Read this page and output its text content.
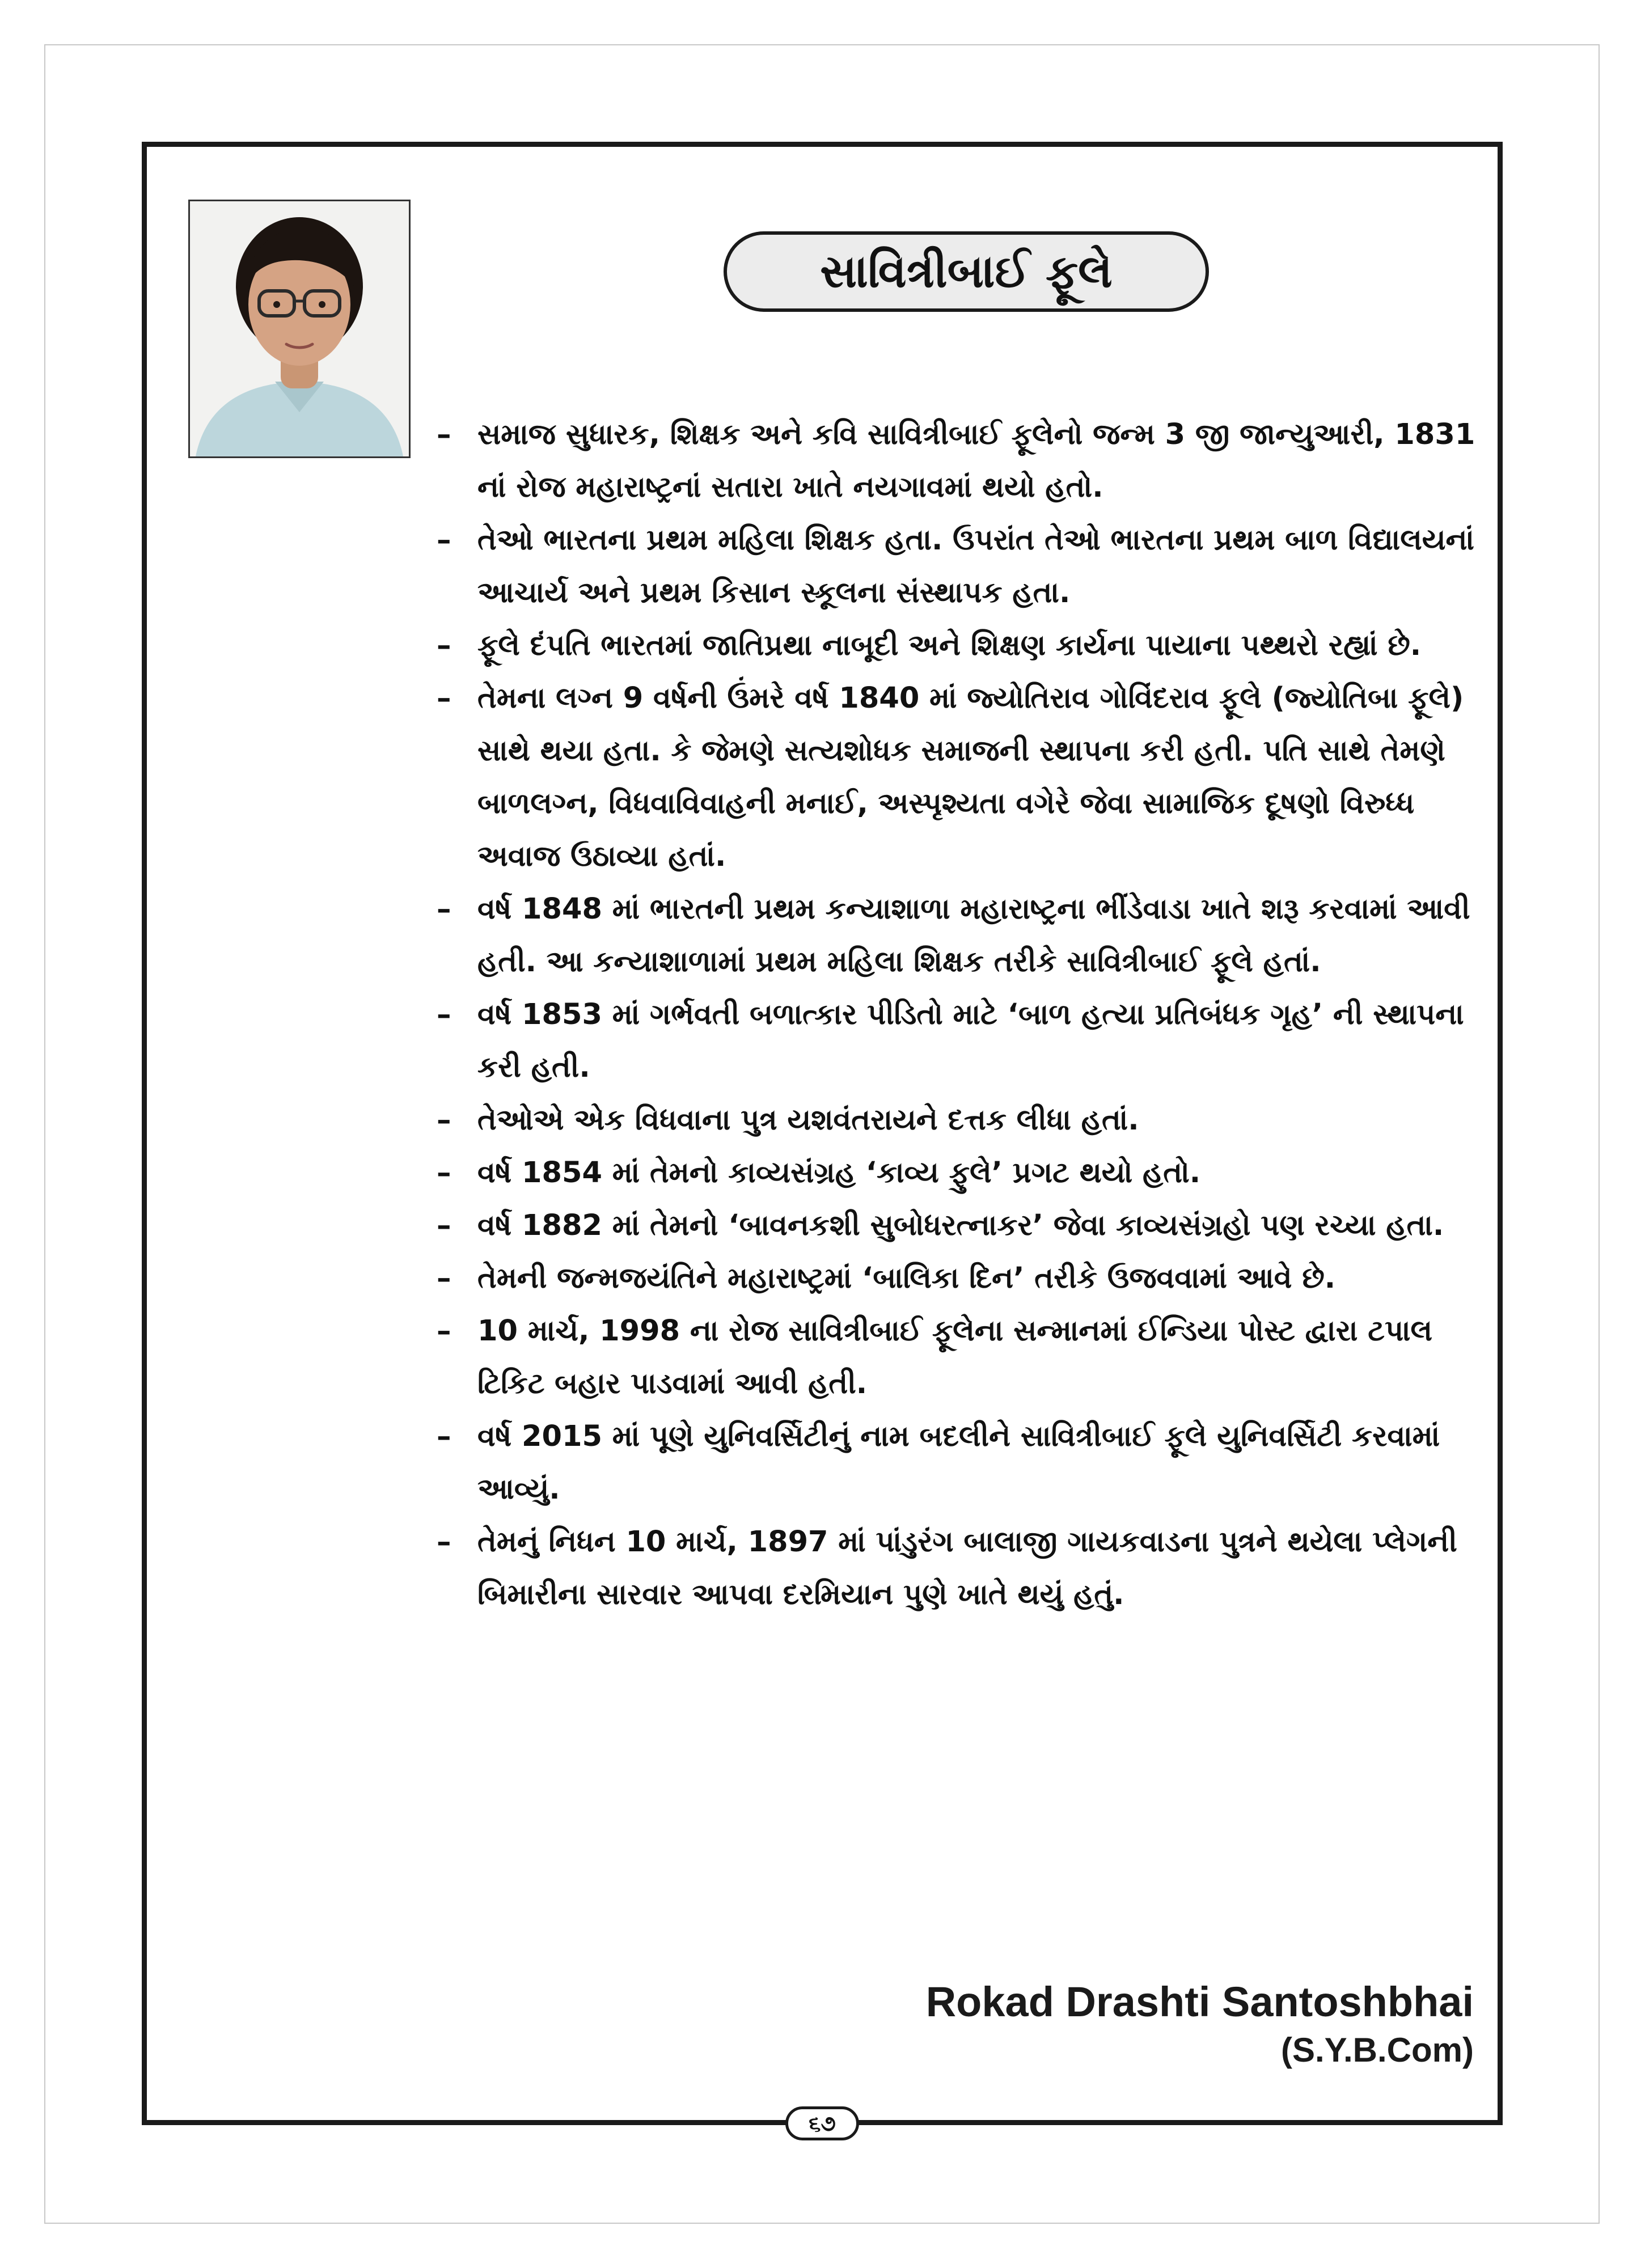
સાવિત્રીબાઈ ફૂલે
– સમાજ સુધારક, શિક્ષક અને કવિ સાવિત્રીબાઈ ફૂલેનો જન્મ 3 જી જાન્યુઆરી, 1831 નાં રોજ મહારાષ્ટ્રનાં સતારા ખાતે નયગાવમાં થયો હતો.
– તેઓ ભારતના પ્રથમ મહિલા શિક્ષક હતા. ઉપરાંત તેઓ ભારતના પ્રથમ બાળ વિદ્યાલયનાં આચાર્ય અને પ્રથમ કિસાન સ્કૂલના સંસ્થાપક હતા.
– ફૂલે દંપતિ ભારતમાં જાતિપ્રથા નાબૂદી અને શિક્ષણ કાર્યના પાયાના પથ્થરો રહ્યાં છે.
– તેમના લગ્ન 9 વર્ષની ઉંમરે વર્ષ 1840 માં જ્યોતિરાવ ગોવિંદરાવ ફૂલે (જ્યોતિબા ફૂલે) સાથે થયા હતા. કે જેમણે સત્યશોધક સમાજની સ્થાપના કરી હતી. પતિ સાથે તેમણે બાળલગ્ન, વિધવાવિવાહની મનાઈ, અસ્પૃશ્યતા વગેરે જેવા સામાજિક દૂષણો વિરુધ્ધ અવાજ ઉઠાવ્યા હતાં.
– વર્ષ 1848 માં ભારતની પ્રથમ કન્યાશાળા મહારાષ્ટ્રના ભીંડેવાડા ખાતે શરૂ કરવામાં આવી હતી. આ કન્યાશાળામાં પ્રથમ મહિલા શિક્ષક તરીકે સાવિત્રીબાઈ ફૂલે હતાં.
– વર્ષ 1853 માં ગર્ભવતી બળાત્કાર પીડિતો માટે ‘બાળ હત્યા પ્રતિબંધક ગૃહ’ ની સ્થાપના કરી હતી.
– તેઓએ એક વિધવાના પુત્ર યશવંતરાયને દત્તક લીધા હતાં.
– વર્ષ 1854 માં તેમનો કાવ્યસંગ્રહ ‘કાવ્ય ફુલે’ પ્રગટ થયો હતો.
– વર્ષ 1882 માં તેમનો ‘બાવનકશી સુબોધરત્નાકર’ જેવા કાવ્યસંગ્રહો પણ રચ્યા હતા.
– તેમની જન્મજયંતિને મહારાષ્ટ્રમાં ‘બાલિકા દિન’ તરીકે ઉજવવામાં આવે છે.
– 10 માર્ચ, 1998 ના રોજ સાવિત્રીબાઈ ફૂલેના સન્માનમાં ઈન્ડિયા પોસ્ટ દ્વારા ટપાલ ટિકિટ બહાર પાડવામાં આવી હતી.
– વર્ષ 2015 માં પૂણે યુનિવર્સિટીનું નામ બદલીને સાવિત્રીબાઈ ફૂલે યુનિવર્સિટી કરવામાં આવ્યું.
– તેમનું નિધન 10 માર્ચ, 1897 માં પાંડુરંગ બાલાજી ગાયકવાડના પુત્રને થયેલા પ્લેગની બિમારીના સારવાર આપવા દરમિયાન પુણે ખાતે થયું હતું.
Rokad Drashti Santoshbhai
(S.Y.B.Com)
૬૭
